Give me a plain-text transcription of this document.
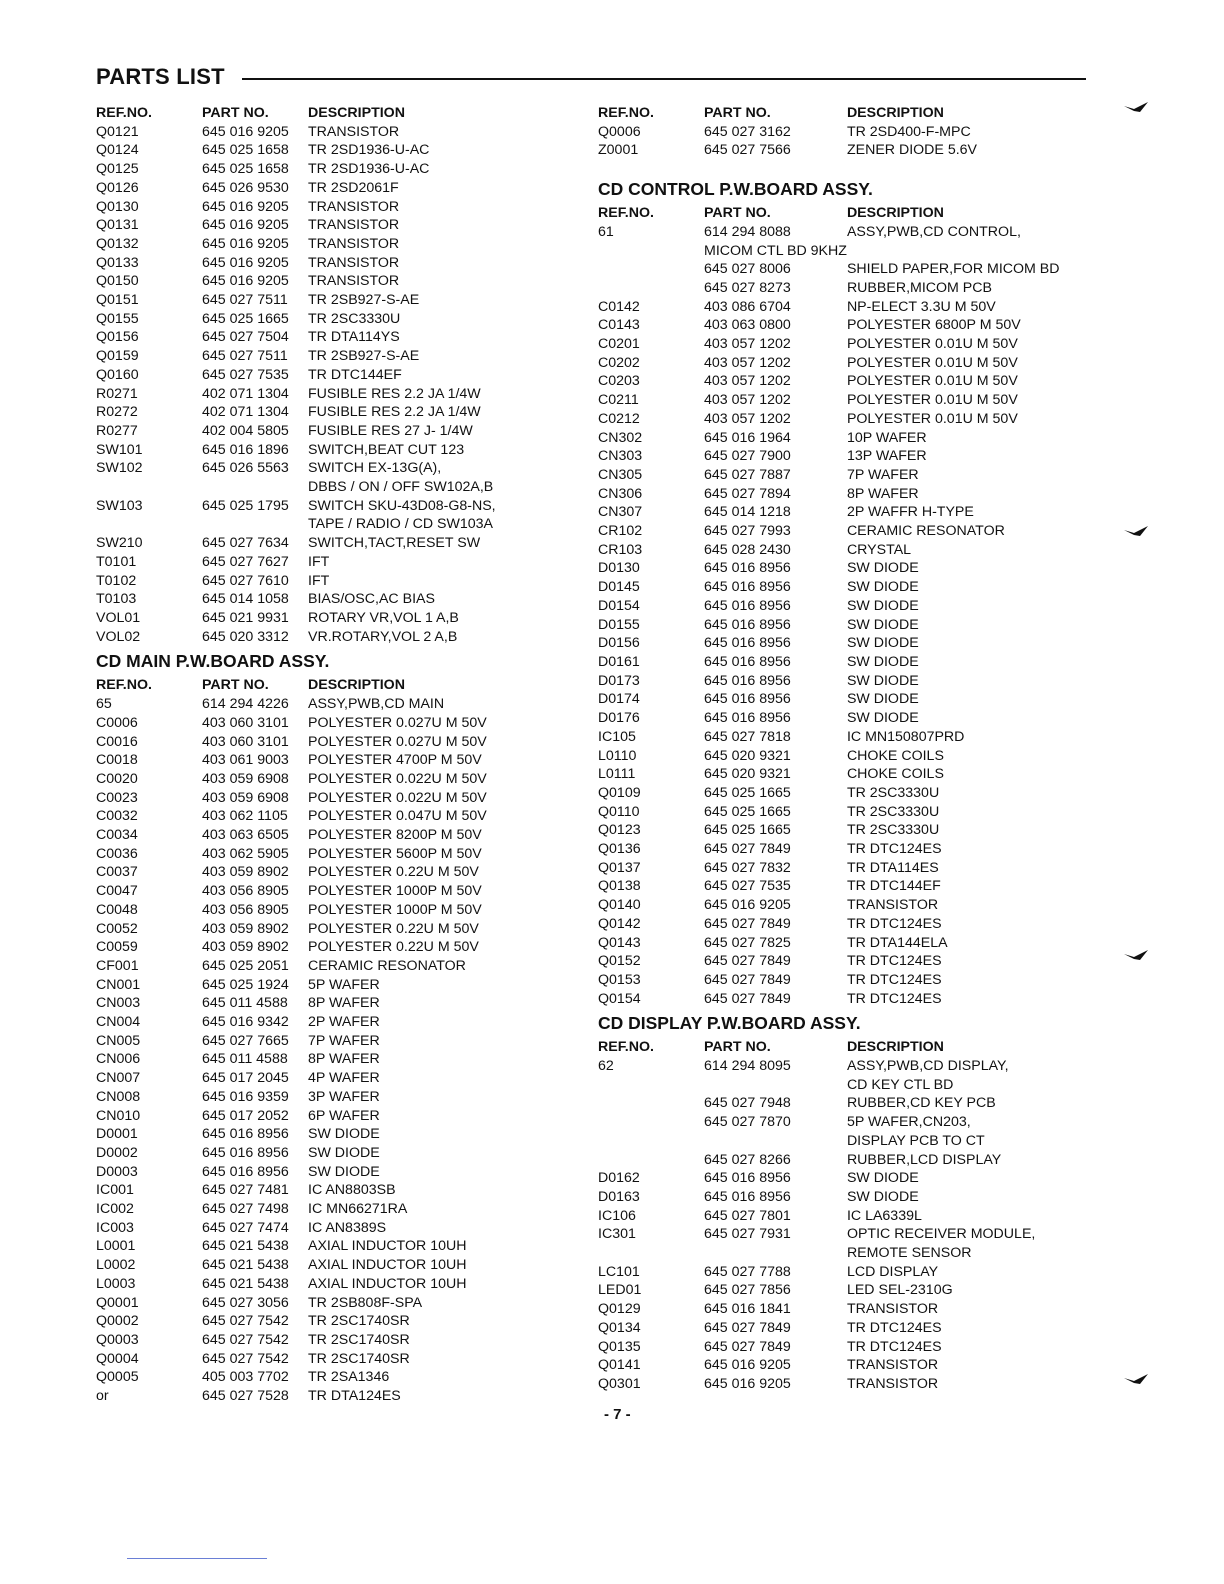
PARTS LIST
REF.NO.	PART NO.	DESCRIPTION
Q0121	645 016 9205	TRANSISTOR
Q0124	645 025 1658	TR 2SD1936-U-AC
Q0125	645 025 1658	TR 2SD1936-U-AC
Q0126	645 026 9530	TR 2SD2061F
Q0130	645 016 9205	TRANSISTOR
Q0131	645 016 9205	TRANSISTOR
Q0132	645 016 9205	TRANSISTOR
Q0133	645 016 9205	TRANSISTOR
Q0150	645 016 9205	TRANSISTOR
Q0151	645 027 7511	TR 2SB927-S-AE
Q0155	645 025 1665	TR 2SC3330U
Q0156	645 027 7504	TR DTA114YS
Q0159	645 027 7511	TR 2SB927-S-AE
Q0160	645 027 7535	TR DTC144EF
R0271	402 071 1304	FUSIBLE RES 2.2 JA 1/4W
R0272	402 071 1304	FUSIBLE RES 2.2 JA 1/4W
R0277	402 004 5805	FUSIBLE RES 27 J- 1/4W
SW101	645 016 1896	SWITCH,BEAT CUT 123
SW102	645 026 5563	SWITCH EX-13G(A),
		DBBS / ON / OFF SW102A,B
SW103	645 025 1795	SWITCH SKU-43D08-G8-NS,
		TAPE / RADIO / CD SW103A
SW210	645 027 7634	SWITCH,TACT,RESET SW
T0101	645 027 7627	IFT
T0102	645 027 7610	IFT
T0103	645 014 1058	BIAS/OSC,AC BIAS
VOL01	645 021 9931	ROTARY VR,VOL 1 A,B
VOL02	645 020 3312	VR.ROTARY,VOL 2 A,B
CD MAIN P.W.BOARD ASSY.		
REF.NO.	PART NO.	DESCRIPTION
65	614 294 4226	ASSY,PWB,CD MAIN
C0006	403 060 3101	POLYESTER 0.027U M 50V
C0016	403 060 3101	POLYESTER 0.027U M 50V
C0018	403 061 9003	POLYESTER 4700P M 50V
C0020	403 059 6908	POLYESTER 0.022U M 50V
C0023	403 059 6908	POLYESTER 0.022U M 50V
C0032	403 062 1105	POLYESTER 0.047U M 50V
C0034	403 063 6505	POLYESTER 8200P M 50V
C0036	403 062 5905	POLYESTER 5600P M 50V
C0037	403 059 8902	POLYESTER 0.22U M 50V
C0047	403 056 8905	POLYESTER 1000P M 50V
C0048	403 056 8905	POLYESTER 1000P M 50V
C0052	403 059 8902	POLYESTER 0.22U M 50V
C0059	403 059 8902	POLYESTER 0.22U M 50V
CF001	645 025 2051	CERAMIC RESONATOR
CN001	645 025 1924	5P WAFER
CN003	645 011 4588	8P WAFER
CN004	645 016 9342	2P WAFER
CN005	645 027 7665	7P WAFER
CN006	645 011 4588	8P WAFER
CN007	645 017 2045	4P WAFER
CN008	645 016 9359	3P WAFER
CN010	645 017 2052	6P WAFER
D0001	645 016 8956	SW DIODE
D0002	645 016 8956	SW DIODE
D0003	645 016 8956	SW DIODE
IC001	645 027 7481	IC AN8803SB
IC002	645 027 7498	IC MN66271RA
IC003	645 027 7474	IC AN8389S
L0001	645 021 5438	AXIAL INDUCTOR 10UH
L0002	645 021 5438	AXIAL INDUCTOR 10UH
L0003	645 021 5438	AXIAL INDUCTOR 10UH
Q0001	645 027 3056	TR 2SB808F-SPA
Q0002	645 027 7542	TR 2SC1740SR
Q0003	645 027 7542	TR 2SC1740SR
Q0004	645 027 7542	TR 2SC1740SR
Q0005	405 003 7702	TR 2SA1346
or	645 027 7528	TR DTA124ES
REF.NO.	PART NO.	DESCRIPTION
Q0006	645 027 3162	TR 2SD400-F-MPC
Z0001	645 027 7566	ZENER DIODE 5.6V

CD CONTROL P.W.BOARD ASSY.		
REF.NO.	PART NO.	DESCRIPTION
61	614 294 8088	ASSY,PWB,CD CONTROL,
	MICOM CTL BD 9KHZ	
	645 027 8006	SHIELD PAPER,FOR MICOM BD
	645 027 8273	RUBBER,MICOM PCB
C0142	403 086 6704	NP-ELECT 3.3U M 50V
C0143	403 063 0800	POLYESTER 6800P M 50V
C0201	403 057 1202	POLYESTER 0.01U M 50V
C0202	403 057 1202	POLYESTER 0.01U M 50V
C0203	403 057 1202	POLYESTER 0.01U M 50V
C0211	403 057 1202	POLYESTER 0.01U M 50V
C0212	403 057 1202	POLYESTER 0.01U M 50V
CN302	645 016 1964	10P WAFER
CN303	645 027 7900	13P WAFER
CN305	645 027 7887	7P WAFER
CN306	645 027 7894	8P WAFER
CN307	645 014 1218	2P WAFFR H-TYPE
CR102	645 027 7993	CERAMIC RESONATOR
CR103	645 028 2430	CRYSTAL
D0130	645 016 8956	SW DIODE
D0145	645 016 8956	SW DIODE
D0154	645 016 8956	SW DIODE
D0155	645 016 8956	SW DIODE
D0156	645 016 8956	SW DIODE
D0161	645 016 8956	SW DIODE
D0173	645 016 8956	SW DIODE
D0174	645 016 8956	SW DIODE
D0176	645 016 8956	SW DIODE
IC105	645 027 7818	IC MN150807PRD
L0110	645 020 9321	CHOKE COILS
L0111	645 020 9321	CHOKE COILS
Q0109	645 025 1665	TR 2SC3330U
Q0110	645 025 1665	TR 2SC3330U
Q0123	645 025 1665	TR 2SC3330U
Q0136	645 027 7849	TR DTC124ES
Q0137	645 027 7832	TR DTA114ES
Q0138	645 027 7535	TR DTC144EF
Q0140	645 016 9205	TRANSISTOR
Q0142	645 027 7849	TR DTC124ES
Q0143	645 027 7825	TR DTA144ELA
Q0152	645 027 7849	TR DTC124ES
Q0153	645 027 7849	TR DTC124ES
Q0154	645 027 7849	TR DTC124ES
CD DISPLAY P.W.BOARD ASSY.		
REF.NO.	PART NO.	DESCRIPTION
62	614 294 8095	ASSY,PWB,CD DISPLAY,
		CD KEY CTL BD
	645 027 7948	RUBBER,CD KEY PCB
	645 027 7870	5P WAFER,CN203,
		DISPLAY PCB TO CT
	645 027 8266	RUBBER,LCD DISPLAY
D0162	645 016 8956	SW DIODE
D0163	645 016 8956	SW DIODE
IC106	645 027 7801	IC LA6339L
IC301	645 027 7931	OPTIC RECEIVER MODULE,
		REMOTE SENSOR
LC101	645 027 7788	LCD DISPLAY
LED01	645 027 7856	LED SEL-2310G
Q0129	645 016 1841	TRANSISTOR
Q0134	645 027 7849	TR DTC124ES
Q0135	645 027 7849	TR DTC124ES
Q0141	645 016 9205	TRANSISTOR
Q0301	645 016 9205	TRANSISTOR
- 7 -
